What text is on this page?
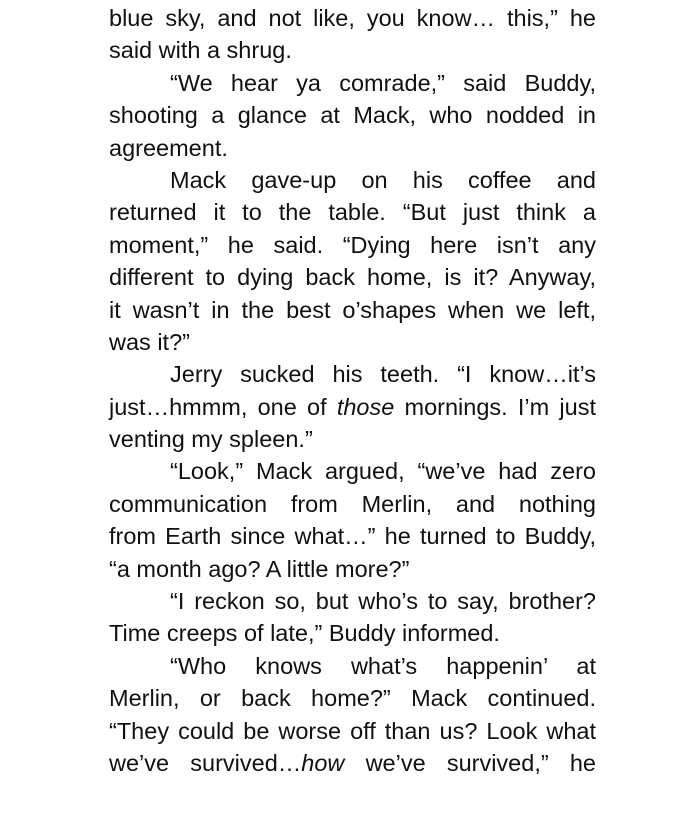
blue sky, and not like, you know… this,” he
said with a shrug.
“We hear ya comrade,” said Buddy,
shooting a glance at Mack, who nodded in
agreement.
Mack gave-up on his coffee and
returned it to the table. “But just think a
moment,” he said. “Dying here isn’t any
different to dying back home, is it? Anyway,
it wasn’t in the best o’shapes when we left,
was it?”
Jerry sucked his teeth. “I know…it’s
just…hmmm, one of those mornings. I’m just
venting my spleen.”
“Look,” Mack argued, “we’ve had zero
communication from Merlin, and nothing
from Earth since what…” he turned to Buddy,
“a month ago? A little more?”
“I reckon so, but who’s to say, brother?
Time creeps of late,” Buddy informed.
“Who knows what’s happenin’ at
Merlin, or back home?” Mack continued.
“They could be worse off than us? Look what
we’ve survived…how we’ve survived,” he
